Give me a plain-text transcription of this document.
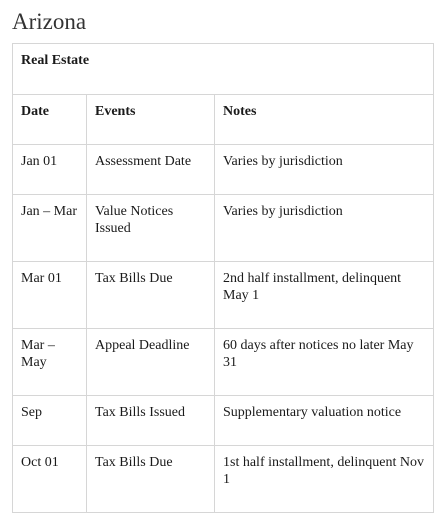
Arizona
Real Estate		
Date	Events	Notes
Jan 01	Assessment Date	Varies by jurisdiction
Jan – Mar	Value Notices Issued	Varies by jurisdiction
Mar 01	Tax Bills Due	2nd half installment, delinquent May 1
Mar – May	Appeal Deadline	60 days after notices no later May 31
Sep	Tax Bills Issued	Supplementary valuation notice
Oct 01	Tax Bills Due	1st half installment, delinquent Nov 1
